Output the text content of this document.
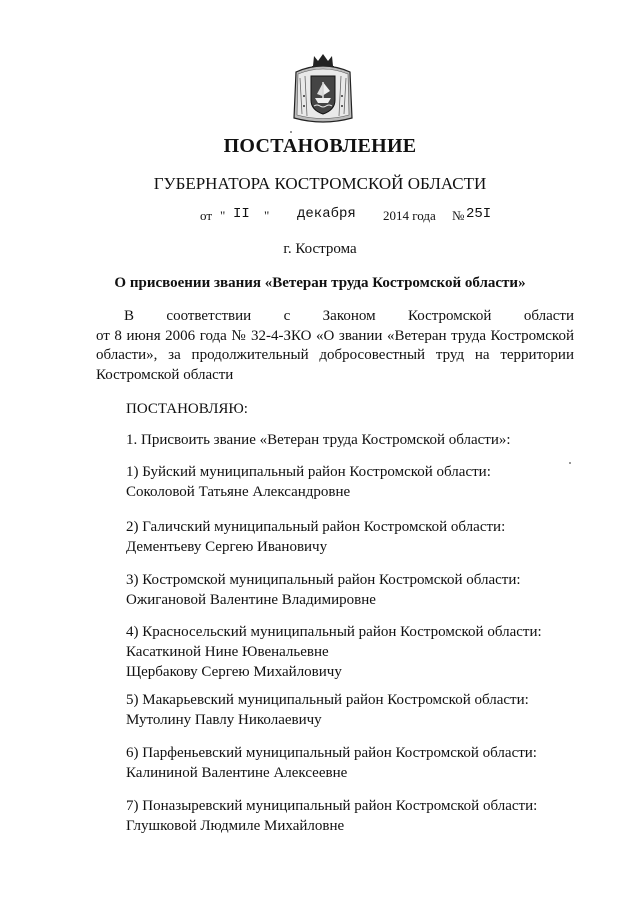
ПОСТАНОВЛЕНИЕ
ГУБЕРНАТОРА КОСТРОМСКОЙ ОБЛАСТИ

от

"

II

"

декабря

2014 года

№

25I

г. Кострома
О присвоении звания «Ветеран труда Костромской области»
В соответствии с Законом Костромской области
от 8 июня 2006 года № 32-4-ЗКО «О звании «Ветеран труда Костромской
области», за продолжительный добросовестный труд на территории
Костромской области
ПОСТАНОВЛЯЮ:
1. Присвоить звание «Ветеран труда Костромской области»:
1) Буйский муниципальный район Костромской области:
Соколовой Татьяне Александровне
2) Галичский муниципальный район Костромской области:
Дементьеву Сергею Ивановичу
3) Костромской муниципальный район Костромской области:
Ожигановой Валентине Владимировне
4) Красносельский муниципальный район Костромской области:
Касаткиной Нине Ювенальевне
Щербакову Сергею Михайловичу
5) Макарьевский муниципальный район Костромской области:
Мутолину Павлу Николаевичу
6) Парфеньевский муниципальный район Костромской области:
Калининой Валентине Алексеевне
7) Поназыревский муниципальный район Костромской области:
Глушковой Людмиле Михайловне
